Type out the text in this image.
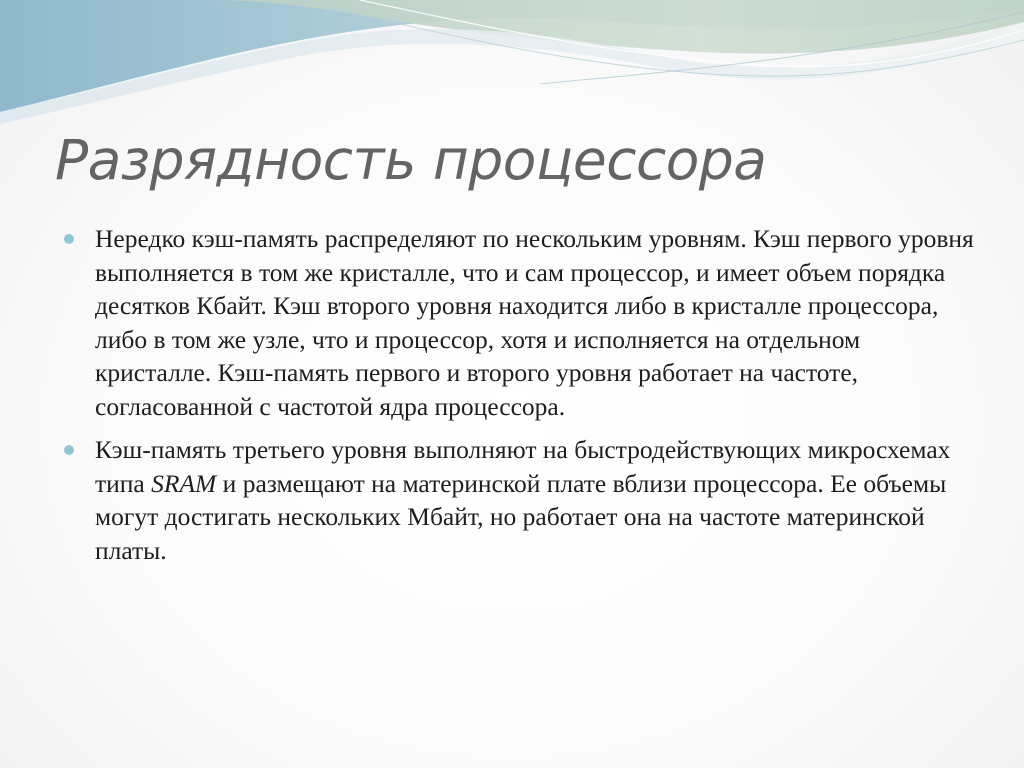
Разрядность процессора
Нередко кэш-память распределяют по нескольким уровням. Кэш первого уровня выполняется в том же кристалле, что и сам процессор, и имеет объем порядка десятков Кбайт. Кэш второго уровня находится либо в кристалле процессора, либо в том же узле, что и процессор, хотя и исполняется на отдельном кристалле. Кэш-память первого и второго уровня работает на частоте, согласованной с частотой ядра процессора.
Кэш-память третьего уровня выполняют на быстродействующих микросхемах типа SRAM и размещают на материнской плате вблизи процессора. Ее объемы могут достигать нескольких Мбайт, но работает она на частоте материнской платы.
